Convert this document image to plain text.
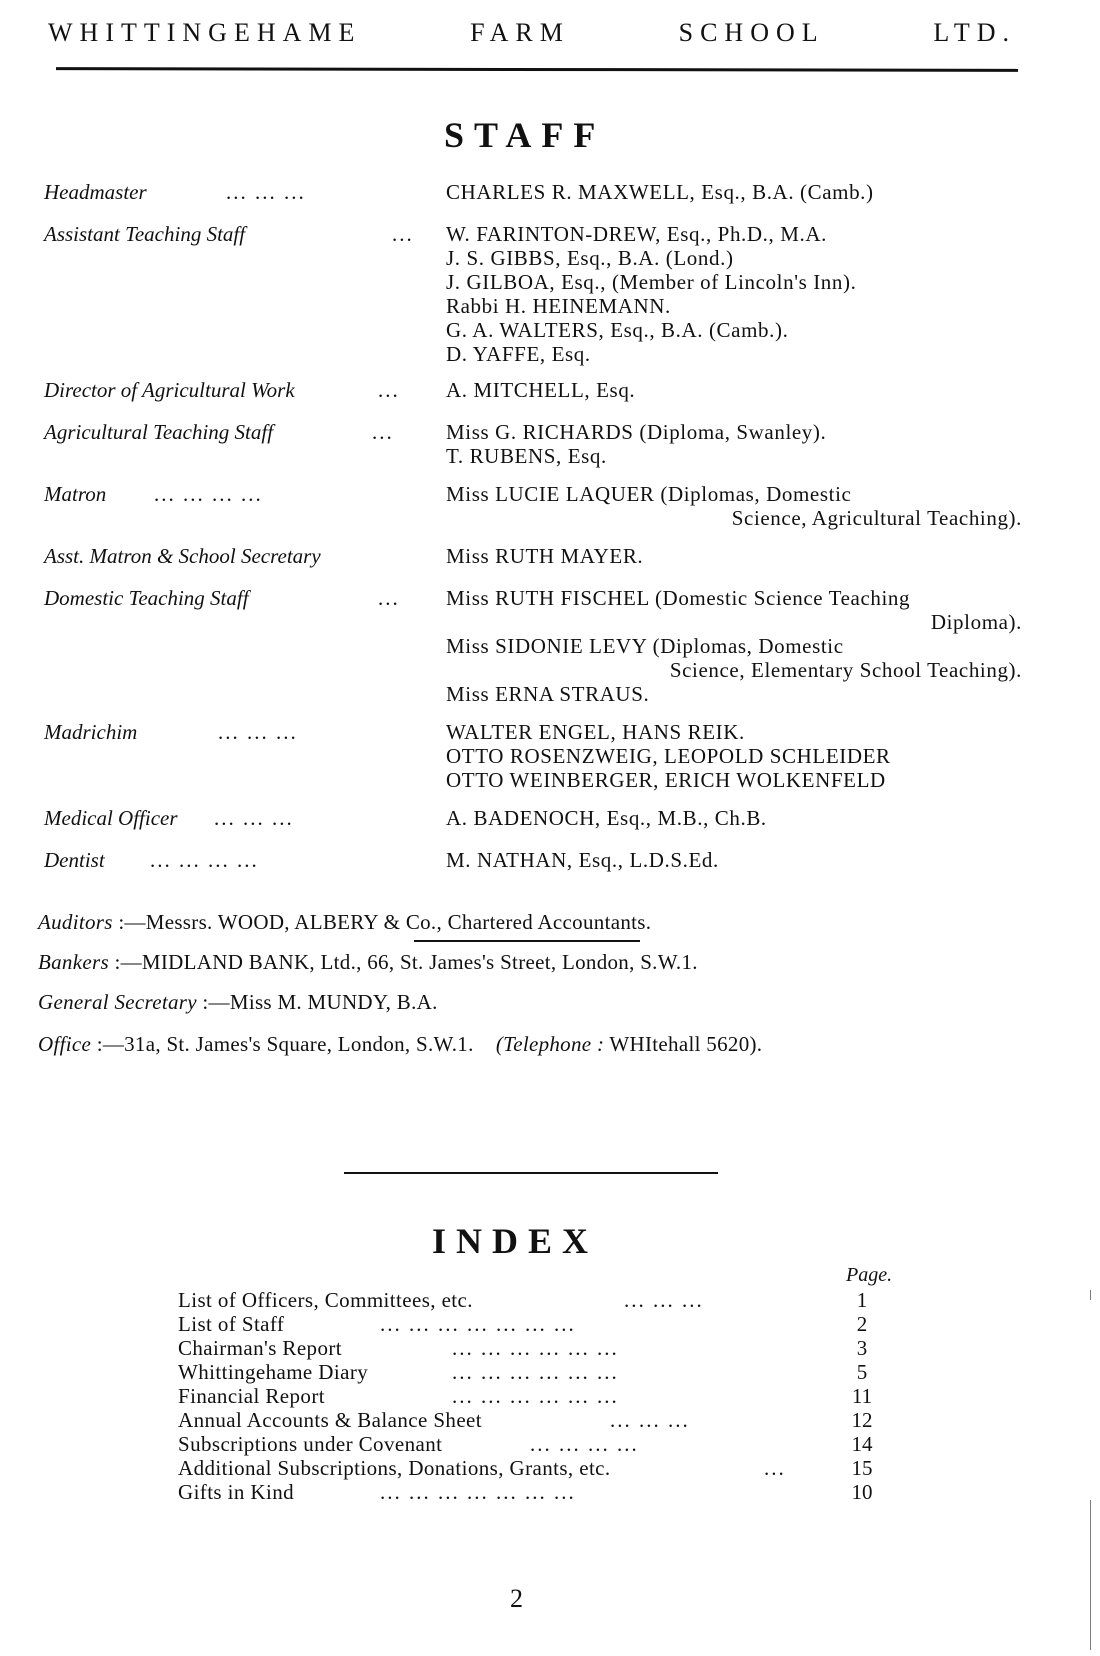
WHITTINGEHAME	FARM	SCHOOL	LTD.
STAFF
Headmaster	... ... ...	CHARLES R. MAXWELL, Esq., B.A. (Camb.)
Assistant Teaching Staff	... W. FARINTON-DREW, Esq., Ph.D., M.A.
J. S. GIBBS, Esq., B.A. (Lond.)
J. GILBOA, Esq., (Member of Lincoln's Inn).
Rabbi H. HEINEMANN.
G. A. WALTERS, Esq., B.A. (Camb.).
D. YAFFE, Esq.
Director of Agricultural Work	... A. MITCHELL, Esq.
Agricultural Teaching Staff	... Miss G. RICHARDS (Diploma, Swanley).
T. RUBENS, Esq.
Matron ... ... ... ...	Miss LUCIE LAQUER (Diplomas, Domestic
Science, Agricultural Teaching).
Asst. Matron & School Secretary	Miss RUTH MAYER.
Domestic Teaching Staff	... Miss RUTH FISCHEL (Domestic Science Teaching
Diploma).
Miss SIDONIE LEVY (Diplomas, Domestic
Science, Elementary School Teaching).
Miss ERNA STRAUS.
Madrichim	... ... ...	WALTER ENGEL, HANS REIK.
OTTO ROSENZWEIG, LEOPOLD SCHLEIDER
OTTO WEINBERGER, ERICH WOLKENFELD
Medical Officer ... ... ...	A. BADENOCH, Esq., M.B., Ch.B.
Dentist ... ... ... ...	M. NATHAN, Esq., L.D.S.Ed.
Auditors :—Messrs. WOOD, ALBERY & Co., Chartered Accountants.
Bankers :—MIDLAND BANK, Ltd., 66, St. James's Street, London, S.W.1.
General Secretary :—Miss M. MUNDY, B.A.
Office :—31a, St. James's Square, London, S.W.1. (Telephone : WHItehall 5620).
INDEX
Page.
List of Officers, Committees, etc.	... ... ...	1
List of Staff	... ... ... ... ... ... ...	2
Chairman's Report	... ... ... ... ... ...	3
Whittingehame Diary	... ... ... ... ... ...	5
Financial Report	... ... ... ... ... ...	11
Annual Accounts & Balance Sheet	... ... ...	12
Subscriptions under Covenant	... ... ... ...	14
Additional Subscriptions, Donations, Grants, etc.	...	15
Gifts in Kind	... ... ... ... ... ... ...	10
2
